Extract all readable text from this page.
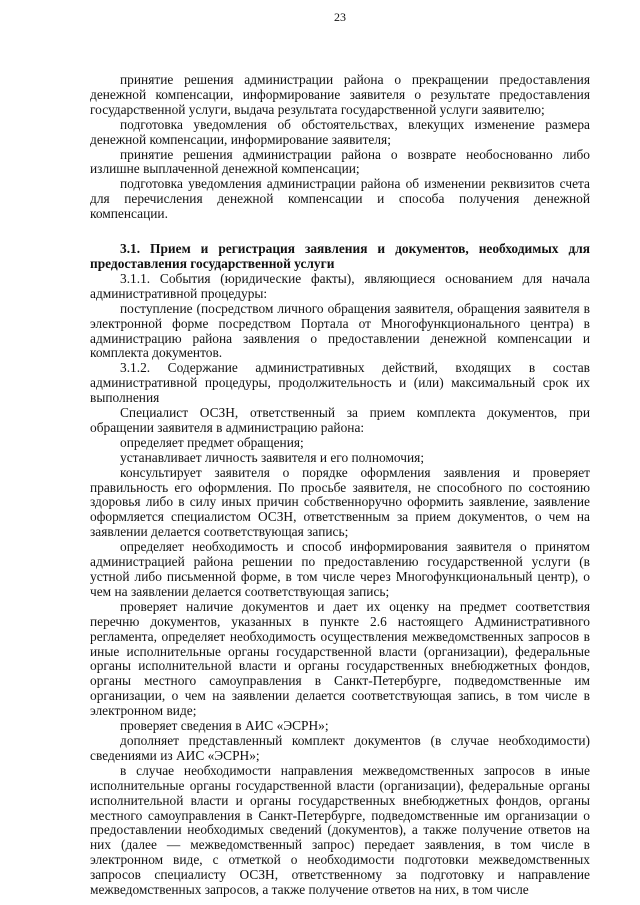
23

принятие решения администрации района о прекращении предоставления денежной компенсации, информирование заявителя о результате предоставления государственной услуги, выдача результата государственной услуги заявителю;

подготовка уведомления об обстоятельствах, влекущих изменение размера денежной компенсации, информирование заявителя;

принятие решения администрации района о возврате необоснованно либо излишне выплаченной денежной компенсации;

подготовка уведомления администрации района об изменении реквизитов счета для перечисления денежной компенсации и способа получения денежной компенсации.

3.1. Прием и регистрация заявления и документов, необходимых для предоставления государственной услуги

3.1.1. События (юридические факты), являющиеся основанием для начала административной процедуры:

поступление (посредством личного обращения заявителя, обращения заявителя в электронной форме посредством Портала от Многофункционального центра) в администрацию района заявления о предоставлении денежной компенсации и комплекта документов.

3.1.2. Содержание административных действий, входящих в состав административной процедуры, продолжительность и (или) максимальный срок их выполнения

Специалист ОСЗН, ответственный за прием комплекта документов, при обращении заявителя в администрацию района:

определяет предмет обращения;

устанавливает личность заявителя и его полномочия;

консультирует заявителя о порядке оформления заявления и проверяет правильность его оформления. По просьбе заявителя, не способного по состоянию здоровья либо в силу иных причин собственноручно оформить заявление, заявление оформляется специалистом ОСЗН, ответственным за прием документов, о чем на заявлении делается соответствующая запись;

определяет необходимость и способ информирования заявителя о принятом администрацией района решении по предоставлению государственной услуги (в устной либо письменной форме, в том числе через Многофункциональный центр), о чем на заявлении делается соответствующая запись;

проверяет наличие документов и дает их оценку на предмет соответствия перечню документов, указанных в пункте 2.6 настоящего Административного регламента, определяет необходимость осуществления межведомственных запросов в иные исполнительные органы государственной власти (организации), федеральные органы исполнительной власти и органы государственных внебюджетных фондов, органы местного самоуправления в Санкт-Петербурге, подведомственные им организации, о чем на заявлении делается соответствующая запись, в том числе в электронном виде;

проверяет сведения в АИС «ЭСРН»;

дополняет представленный комплект документов (в случае необходимости) сведениями из АИС «ЭСРН»;

в случае необходимости направления межведомственных запросов в иные исполнительные органы государственной власти (организации), федеральные органы исполнительной власти и органы государственных внебюджетных фондов, органы местного самоуправления в Санкт-Петербурге, подведомственные им организации о предоставлении необходимых сведений (документов), а также получение ответов на них (далее — межведомственный запрос) передает заявления, в том числе в электронном виде, с отметкой о необходимости подготовки межведомственных запросов специалисту ОСЗН, ответственному за подготовку и направление межведомственных запросов, а также получение ответов на них, в том числе
